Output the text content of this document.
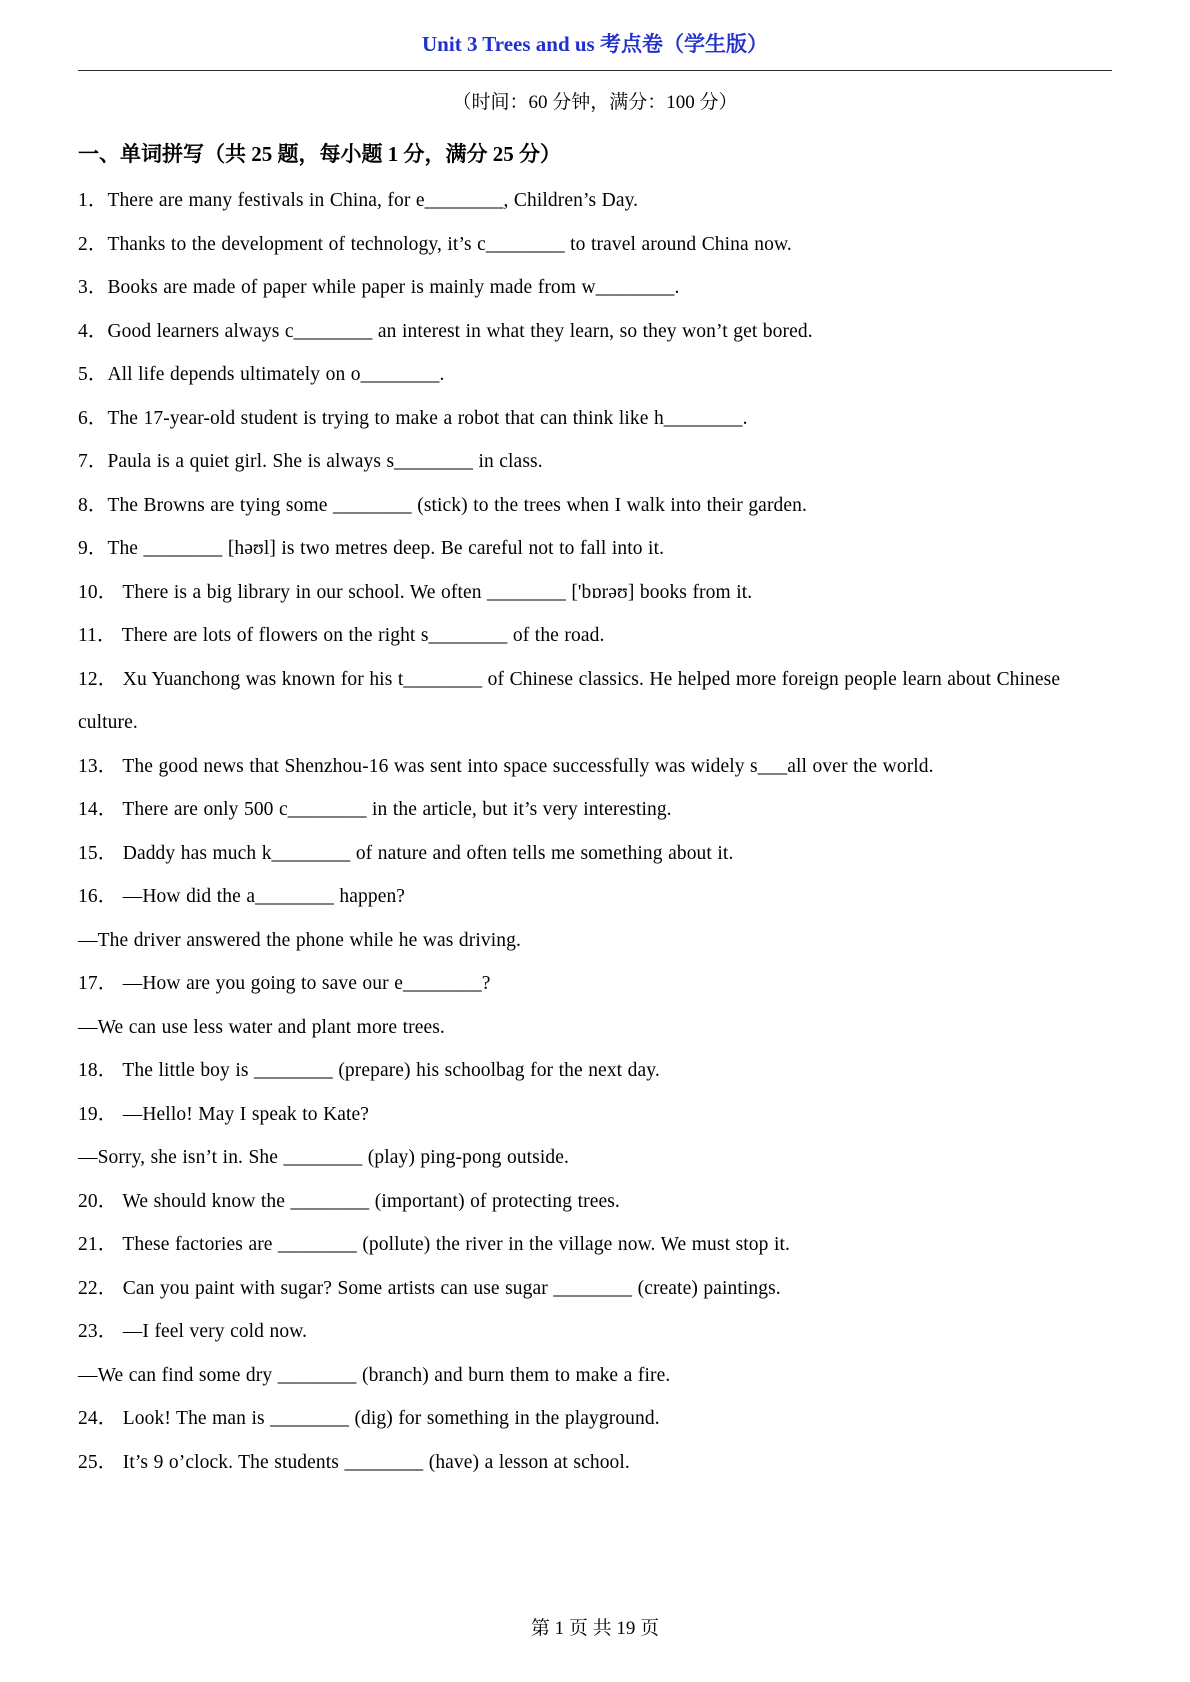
Unit 3 Trees and us 考点卷（学生版）
（时间：60 分钟，满分：100 分）
一、单词拼写（共 25 题，每小题 1 分，满分 25 分）

1．There are many festivals in China, for e________, Children’s Day.

2．Thanks to the development of technology, it’s c________ to travel around China now.

3．Books are made of paper while paper is mainly made from w________.

4．Good learners always c________ an interest in what they learn, so they won’t get bored.

5．All life depends ultimately on o________.

6．The 17-year-old student is trying to make a robot that can think like h________.

7．Paula is a quiet girl. She is always s________ in class.

8．The Browns are tying some ________ (stick) to the trees when I walk into their garden.

9．The ________ [həʊl] is two metres deep. Be careful not to fall into it.

10． There is a big library in our school. We often ________ ['bɒrəʊ] books from it.

11． There are lots of flowers on the right s________ of the road.

12． Xu Yuanchong was known for his t________ of Chinese classics. He helped more foreign people learn about Chinese culture.

13． The good news that Shenzhou-16 was sent into space successfully was widely s___all over the world.

14． There are only 500 c________ in the article, but it’s very interesting.

15． Daddy has much k________ of nature and often tells me something about it.

16． —How did the a________ happen?

—The driver answered the phone while he was driving.

17． —How are you going to save our e________?

—We can use less water and plant more trees.

18． The little boy is ________ (prepare) his schoolbag for the next day.

19． —Hello! May I speak to Kate?

—Sorry, she isn’t in. She ________ (play) ping-pong outside.

20． We should know the ________ (important) of protecting trees.

21． These factories are ________ (pollute) the river in the village now. We must stop it.

22． Can you paint with sugar? Some artists can use sugar ________ (create) paintings.

23． —I feel very cold now.

—We can find some dry ________ (branch) and burn them to make a fire.

24． Look! The man is ________ (dig) for something in the playground.

25． It’s 9 o’clock. The students ________ (have) a lesson at school.

第 1 页 共 19 页
